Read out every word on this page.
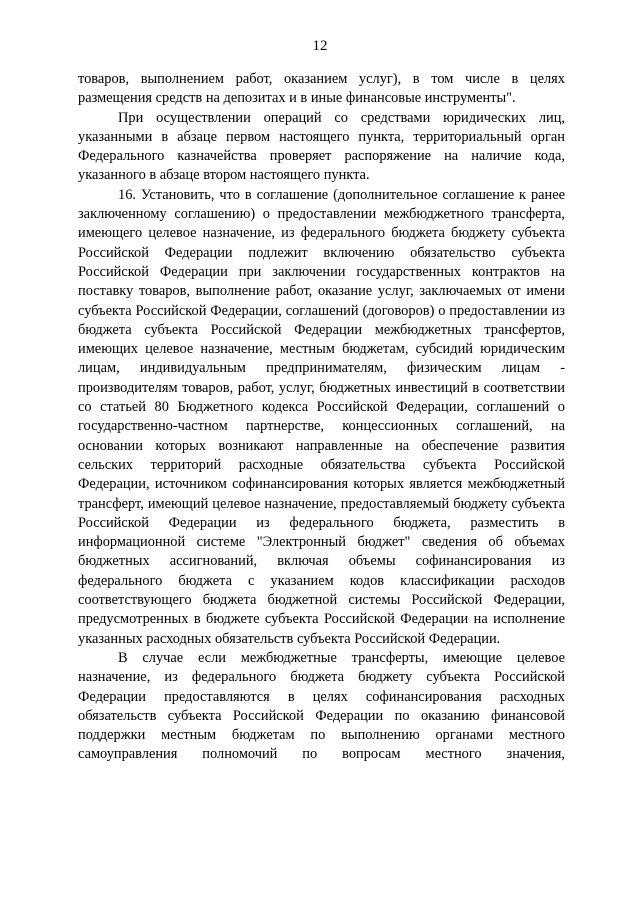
12

товаров, выполнением работ, оказанием услуг), в том числе в целях размещения средств на депозитах и в иные финансовые инструменты".

При осуществлении операций со средствами юридических лиц, указанными в абзаце первом настоящего пункта, территориальный орган Федерального казначейства проверяет распоряжение на наличие кода, указанного в абзаце втором настоящего пункта.

16. Установить, что в соглашение (дополнительное соглашение к ранее заключенному соглашению) о предоставлении межбюджетного трансферта, имеющего целевое назначение, из федерального бюджета бюджету субъекта Российской Федерации подлежит включению обязательство субъекта Российской Федерации при заключении государственных контрактов на поставку товаров, выполнение работ, оказание услуг, заключаемых от имени субъекта Российской Федерации, соглашений (договоров) о предоставлении из бюджета субъекта Российской Федерации межбюджетных трансфертов, имеющих целевое назначение, местным бюджетам, субсидий юридическим лицам, индивидуальным предпринимателям, физическим лицам - производителям товаров, работ, услуг, бюджетных инвестиций в соответствии со статьей 80 Бюджетного кодекса Российской Федерации, соглашений о государственно-частном партнерстве, концессионных соглашений, на основании которых возникают направленные на обеспечение развития сельских территорий расходные обязательства субъекта Российской Федерации, источником софинансирования которых является межбюджетный трансферт, имеющий целевое назначение, предоставляемый бюджету субъекта Российской Федерации из федерального бюджета, разместить в информационной системе "Электронный бюджет" сведения об объемах бюджетных ассигнований, включая объемы софинансирования из федерального бюджета с указанием кодов классификации расходов соответствующего бюджета бюджетной системы Российской Федерации, предусмотренных в бюджете субъекта Российской Федерации на исполнение указанных расходных обязательств субъекта Российской Федерации.

В случае если межбюджетные трансферты, имеющие целевое назначение, из федерального бюджета бюджету субъекта Российской Федерации предоставляются в целях софинансирования расходных обязательств субъекта Российской Федерации по оказанию финансовой поддержки местным бюджетам по выполнению органами местного самоуправления полномочий по вопросам местного значения,
